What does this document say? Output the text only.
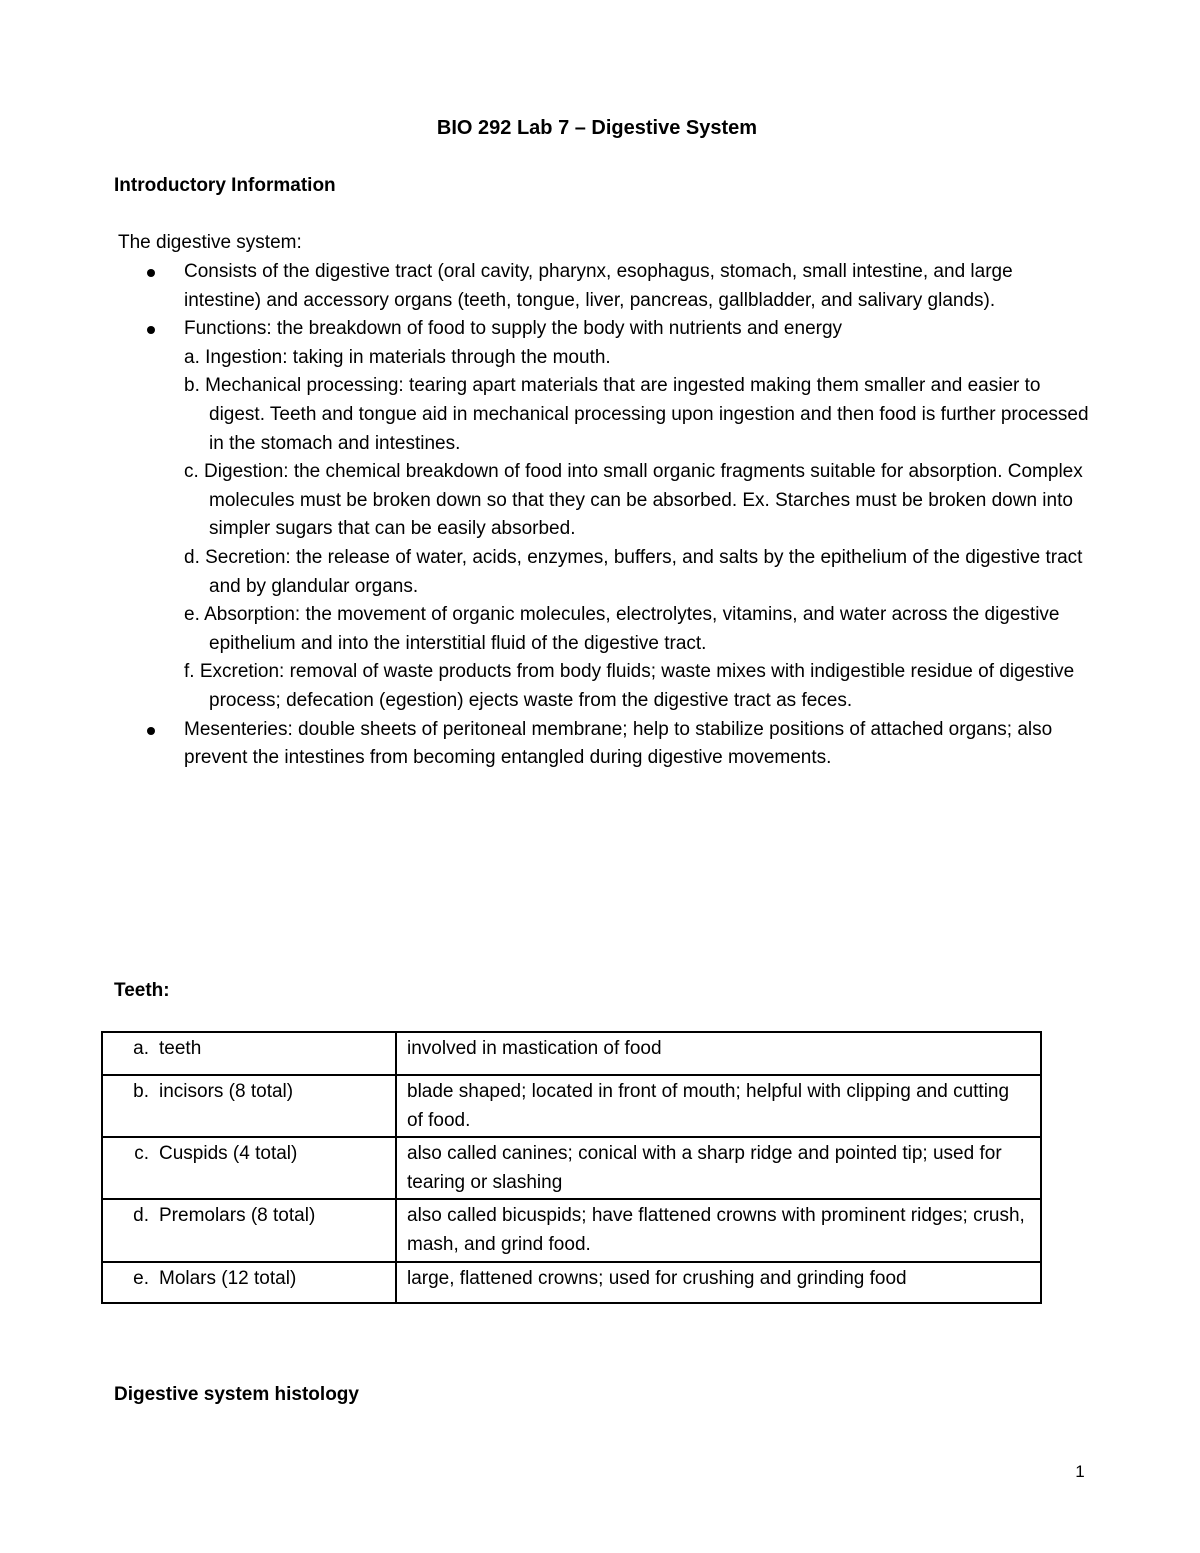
BIO 292 Lab 7 – Digestive System
Introductory Information

The digestive system:

Consists of the digestive tract (oral cavity, pharynx, esophagus, stomach, small intestine, and large intestine) and accessory organs (teeth, tongue, liver, pancreas, gallbladder, and salivary glands).
Functions: the breakdown of food to supply the body with nutrients and energy
a. Ingestion: taking in materials through the mouth.
b. Mechanical processing: tearing apart materials that are ingested making them smaller and easier to digest. Teeth and tongue aid in mechanical processing upon ingestion and then food is further processed in the stomach and intestines.
c. Digestion: the chemical breakdown of food into small organic fragments suitable for absorption. Complex molecules must be broken down so that they can be absorbed. Ex. Starches must be broken down into simpler sugars that can be easily absorbed.
d. Secretion: the release of water, acids, enzymes, buffers, and salts by the epithelium of the digestive tract and by glandular organs.
e. Absorption: the movement of organic molecules, electrolytes, vitamins, and water across the digestive epithelium and into the interstitial fluid of the digestive tract.
f. Excretion: removal of waste products from body fluids; waste mixes with indigestible residue of digestive process; defecation (egestion) ejects waste from the digestive tract as feces.
Mesenteries: double sheets of peritoneal membrane; help to stabilize positions of attached organs; also prevent the intestines from becoming entangled during digestive movements.
Teeth:
a. teeth	involved in mastication of food
b. incisors (8 total)	blade shaped; located in front of mouth; helpful with clipping and cutting of food.
c. Cuspids (4 total)	also called canines; conical with a sharp ridge and pointed tip; used for tearing or slashing
d. Premolars (8 total)	also called bicuspids; have flattened crowns with prominent ridges; crush, mash, and grind food.
e. Molars (12 total)	large, flattened crowns; used for crushing and grinding food
Digestive system histology

1
